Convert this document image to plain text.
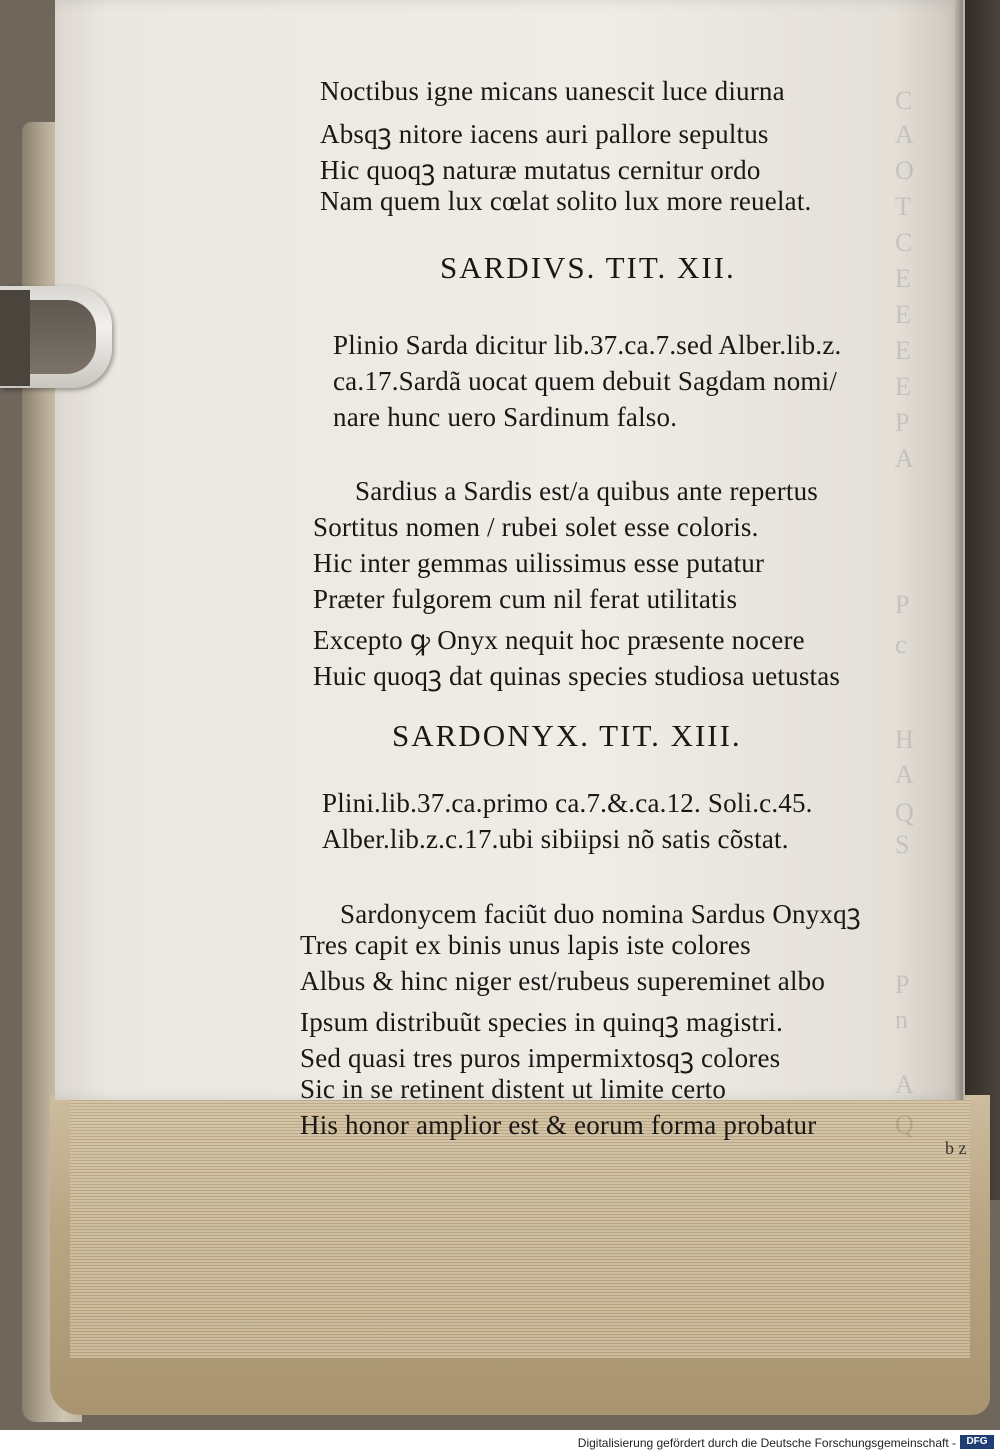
C
A
O
T
C
E
E
E
E
P
A
P
c
H
A
Q
S
P
n
A
Q
Noctibus igne micans uanescit luce diurna
Absqꝫ nitore iacens auri pallore sepultus
Hic quoqꝫ naturæ mutatus cernitur ordo
Nam quem lux cœlat solito lux more reuelat.
SARDIVS. TIT. XII.
Plinio Sarda dicitur lib.37.ca.7.sed Alber.lib.z.
ca.17.Sardã uocat quem debuit Sagdam nomi/
nare hunc uero Sardinum falso.
Sardius a Sardis est/a quibus ante repertus
Sortitus nomen / rubei solet esse coloris.
Hic inter gemmas uilissimus esse putatur
Præter fulgorem cum nil ferat utilitatis
Excepto ꝙ Onyx nequit hoc præsente nocere
Huic quoqꝫ dat quinas species studiosa uetustas
SARDONYX. TIT. XIII.
Plini.lib.37.ca.primo ca.7.&.ca.12. Soli.c.45.
Alber.lib.z.c.17.ubi sibiipsi nõ satis cõstat.
Sardonycem faciũt duo nomina Sardus Onyxqꝫ
Tres capit ex binis unus lapis iste colores
Albus & hinc niger est/rubeus supereminet albo
Ipsum distribuũt species in quinqꝫ magistri.
Sed quasi tres puros impermixtosqꝫ colores
Sic in se retinent distent ut limite certo
His honor amplior est & eorum forma probatur
b z
Digitalisierung gefördert durch die Deutsche Forschungsgemeinschaft -	DFG
